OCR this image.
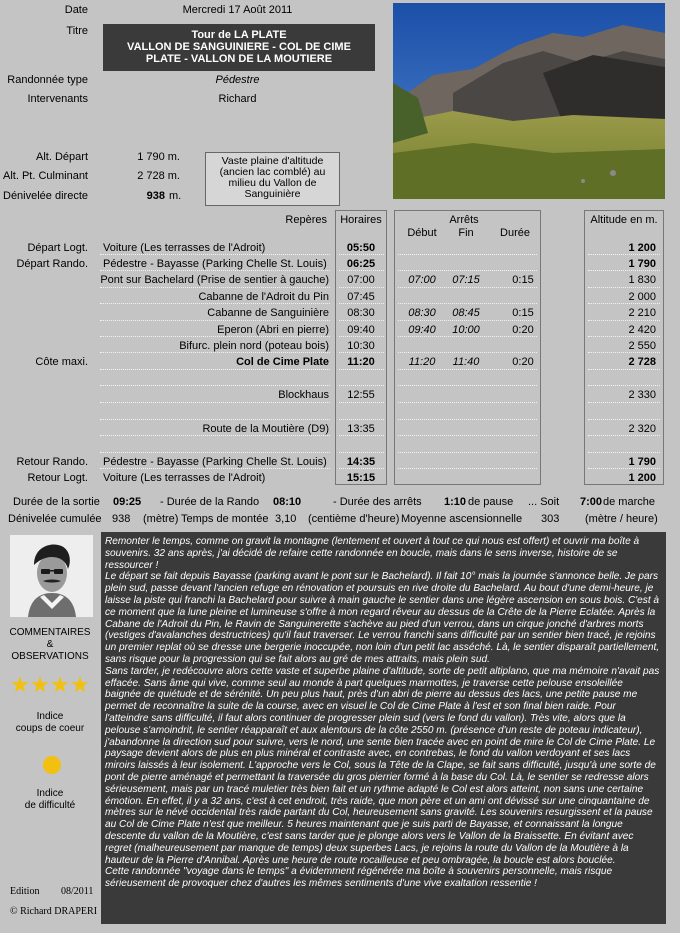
Date	Mercredi 17 Août 2011
Titre	Tour de LA PLATE
VALLON DE SANGUINIERE - COL DE CIME
PLATE - VALLON DE LA MOUTIERE
Randonnée type	Pédestre
Intervenants	Richard
Alt. Départ	1 790 m.
Alt. Pt. Culminant	2 728 m.
Dénivelée directe	938 m.
Vaste plaine d'altitude (ancien lac comblé) au milieu du Vallon de Sanguinière
Repères	Horaires	Arrêts
Début	Fin	Durée
Altitude en m.
Départ Logt. Voiture (Les terrasses de l'Adroit)	05:50	1 200
Départ Rando. Pédestre - Bayasse (Parking Chelle St. Louis)	06:25	1 790
Pont sur Bachelard (Prise de sentier à gauche)	07:00	07:00	07:15	0:15	1 830
Cabanne de l'Adroit du Pin	07:45	2 000
Cabanne de Sanguinière	08:30	08:30	08:45	0:15	2 210
Eperon (Abri en pierre)	09:40	09:40	10:00	0:20	2 420
Bifurc. plein nord (poteau bois)	10:30	2 550
Côte maxi.	Col de Cime Plate	11:20	11:20	11:40	0:20	2 728
Blockhaus	12:55	2 330
Route de la Moutière (D9)	13:35	2 320
Retour Rando. Pédestre - Bayasse (Parking Chelle St. Louis)	14:35	1 790
Retour Logt. Voiture (Les terrasses de l'Adroit)	15:15	1 200
Durée de la sortie 09:25 - Durée de la Rando 08:10	- Durée des arrêts 1:10 de pause ... Soit 7:00 de marche
Dénivelée cumulée 938 (mètre) Temps de montée 3,10 (centième d'heure) Moyenne ascensionnelle 303 (mètre / heure)
COMMENTAIRES
&
OBSERVATIONS
Indice
coups de coeur
Indice
de difficulté
Edition 08/2011
© Richard DRAPERI

Remonter le temps, comme on gravit la montagne (lentement et ouvert à tout ce qui nous est offert) et ouvrir ma boîte à souvenirs. 32 ans après, j'ai décidé de refaire cette randonnée en boucle, mais dans le sens inverse, histoire de se ressourcer !

Le départ se fait depuis Bayasse (parking avant le pont sur le Bachelard). Il fait 10° mais la journée s'annonce belle. Je pars plein sud, passe devant l'ancien refuge en rénovation et poursuis en rive droite du Bachelard. Au bout d'une demi-heure, je laisse la piste qui franchi la Bachelard pour suivre à main gauche le sentier dans une légère ascension en sous bois. C'est à ce moment que la lune pleine et lumineuse s'offre à mon regard rêveur au dessus de la Crête de la Pierre Eclatée. Après la Cabane de l'Adroit du Pin, le Ravin de Sanguinerette s'achève au pied d'un verrou, dans un cirque jonché d'arbres morts (vestiges d'avalanches destructrices) qu'il faut traverser. Le verrou franchi sans difficulté par un sentier bien tracé, je rejoins un premier replat où se dresse une bergerie inoccupée, non loin d'un petit lac asséché. Là, le sentier disparaît partiellement, sans risque pour la progression qui se fait alors au gré de mes attraits, mais plein sud.

Sans tarder, je redécouvre alors cette vaste et superbe plaine d'altitude, sorte de petit altiplano, que ma mémoire n'avait pas effacée. Sans âme qui vive, comme seul au monde à part quelques marmottes, je traverse cette pelouse ensoleillée baignée de quiétude et de sérénité. Un peu plus haut, près d'un abri de pierre au dessus des lacs, une petite pause me permet de reconnaître la suite de la course, avec en visuel le Col de Cime Plate à l'est et son final bien raide. Pour l'atteindre sans difficulté, il faut alors continuer de progresser plein sud (vers le fond du vallon). Très vite, alors que la pelouse s'amoindrit, le sentier réapparaît et aux alentours de la côte 2550 m. (présence d'un reste de poteau indicateur), j'abandonne la direction sud pour suivre, vers le nord, une sente bien tracée avec en point de mire le Col de Cime Plate. Le paysage devient alors de plus en plus minéral et contraste avec, en contrebas, le fond du vallon verdoyant et ses lacs miroirs laissés à leur isolement. L'approche vers le Col, sous la Tête de la Clape, se fait sans difficulté, jusqu'à une sorte de pont de pierre aménagé et permettant la traversée du gros pierrier formé à la base du Col. Là, le sentier se redresse alors sérieusement, mais par un tracé muletier très bien fait et un rythme adapté le Col est alors atteint, non sans une certaine émotion. En effet, il y a 32 ans, c'est à cet endroit, très raide, que mon père et un ami ont dévissé sur une cinquantaine de mètres sur le névé occidental très raide partant du Col, heureusement sans gravité. Les souvenirs resurgissent et la pause au Col de Cime Plate n'est que meilleur. 5 heures maintenant que je suis parti de Bayasse, et connaissant la longue descente du vallon de la Moutière, c'est sans tarder que je plonge alors vers le Vallon de la Braissette. En évitant avec regret (malheureusement par manque de temps) deux superbes Lacs, je rejoins la route du Vallon de la Moutière à la hauteur de la Pierre d'Annibal. Après une heure de route rocailleuse et peu ombragée, la boucle est alors bouclée.

Cette randonnée "voyage dans le temps" a évidemment régénérée ma boîte à souvenirs personnelle, mais risque sérieusement de provoquer chez d'autres les mêmes sentiments d'une vive exaltation ressentie !
